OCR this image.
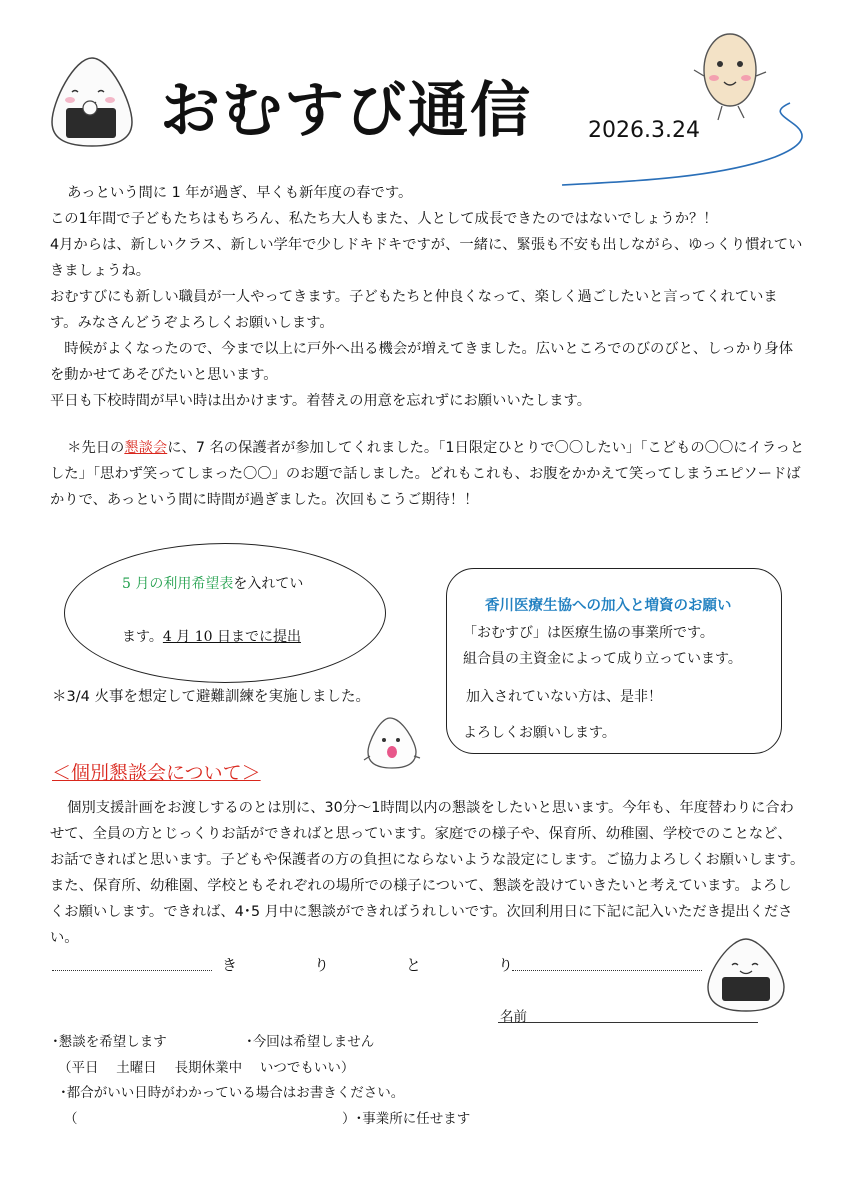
おむすび通信	2026.3.24

あっという間に 1 年が過ぎ、早くも新年度の春です。

この1年間で子どもたちはもちろん、私たち大人もまた、人として成長できたのではないでしょうか？！

4月からは、新しいクラス、新しい学年で少しドキドキですが、一緒に、緊張も不安も出しながら、ゆっくり慣れていきましょうね。

おむすびにも新しい職員が一人やってきます。子どもたちと仲良くなって、楽しく過ごしたいと言ってくれています。みなさんどうぞよろしくお願いします。

時候がよくなったので、今まで以上に戸外へ出る機会が増えてきました。広いところでのびのびと、しっかり身体を動かせてあそびたいと思います。

平日も下校時間が早い時は出かけます。着替えの用意を忘れずにお願いいたします。

＊先日の懇談会に、7 名の保護者が参加してくれました。「1日限定ひとりで〇〇したい」「こどもの〇〇にイラっとした」「思わず笑ってしまった〇〇」のお題で話しました。どれもこれも、お腹をかかえて笑ってしまうエピソードばかりで、あっという間に時間が過ぎました。次回もこうご期待！！

5 月の利用希望表を入れてい
ます。4 月 10 日までに提出
＊3/4 火事を想定して避難訓練を実施しました。
香川医療生協への加入と増資のお願い
「おむすび」は医療生協の事業所です。
組合員の主資金によって成り立っています。
加入されていない方は、是非！
よろしくお願いします。
＜個別懇談会について＞

個別支援計画をお渡しするのとは別に、30分～1時間以内の懇談をしたいと思います。今年も、年度替わりに合わせて、全員の方とじっくりお話ができればと思っています。家庭での様子や、保育所、幼稚園、学校でのことなど、お話できればと思います。子どもや保護者の方の負担にならないような設定にします。ご協力よろしくお願いします。また、保育所、幼稚園、学校ともそれぞれの場所での様子について、懇談を設けていきたいと考えています。よろしくお願いします。できれば、4･5 月中に懇談ができればうれしいです。次回利用日に下記に記入いただき提出ください。

き	り	と	り
名前
･懇談を希望します	･今回は希望しません
（平日　 土曜日　 長期休業中　 いつでもいい）
･都合がいい日時がわかっている場合はお書きください。
（	）･事業所に任せます
